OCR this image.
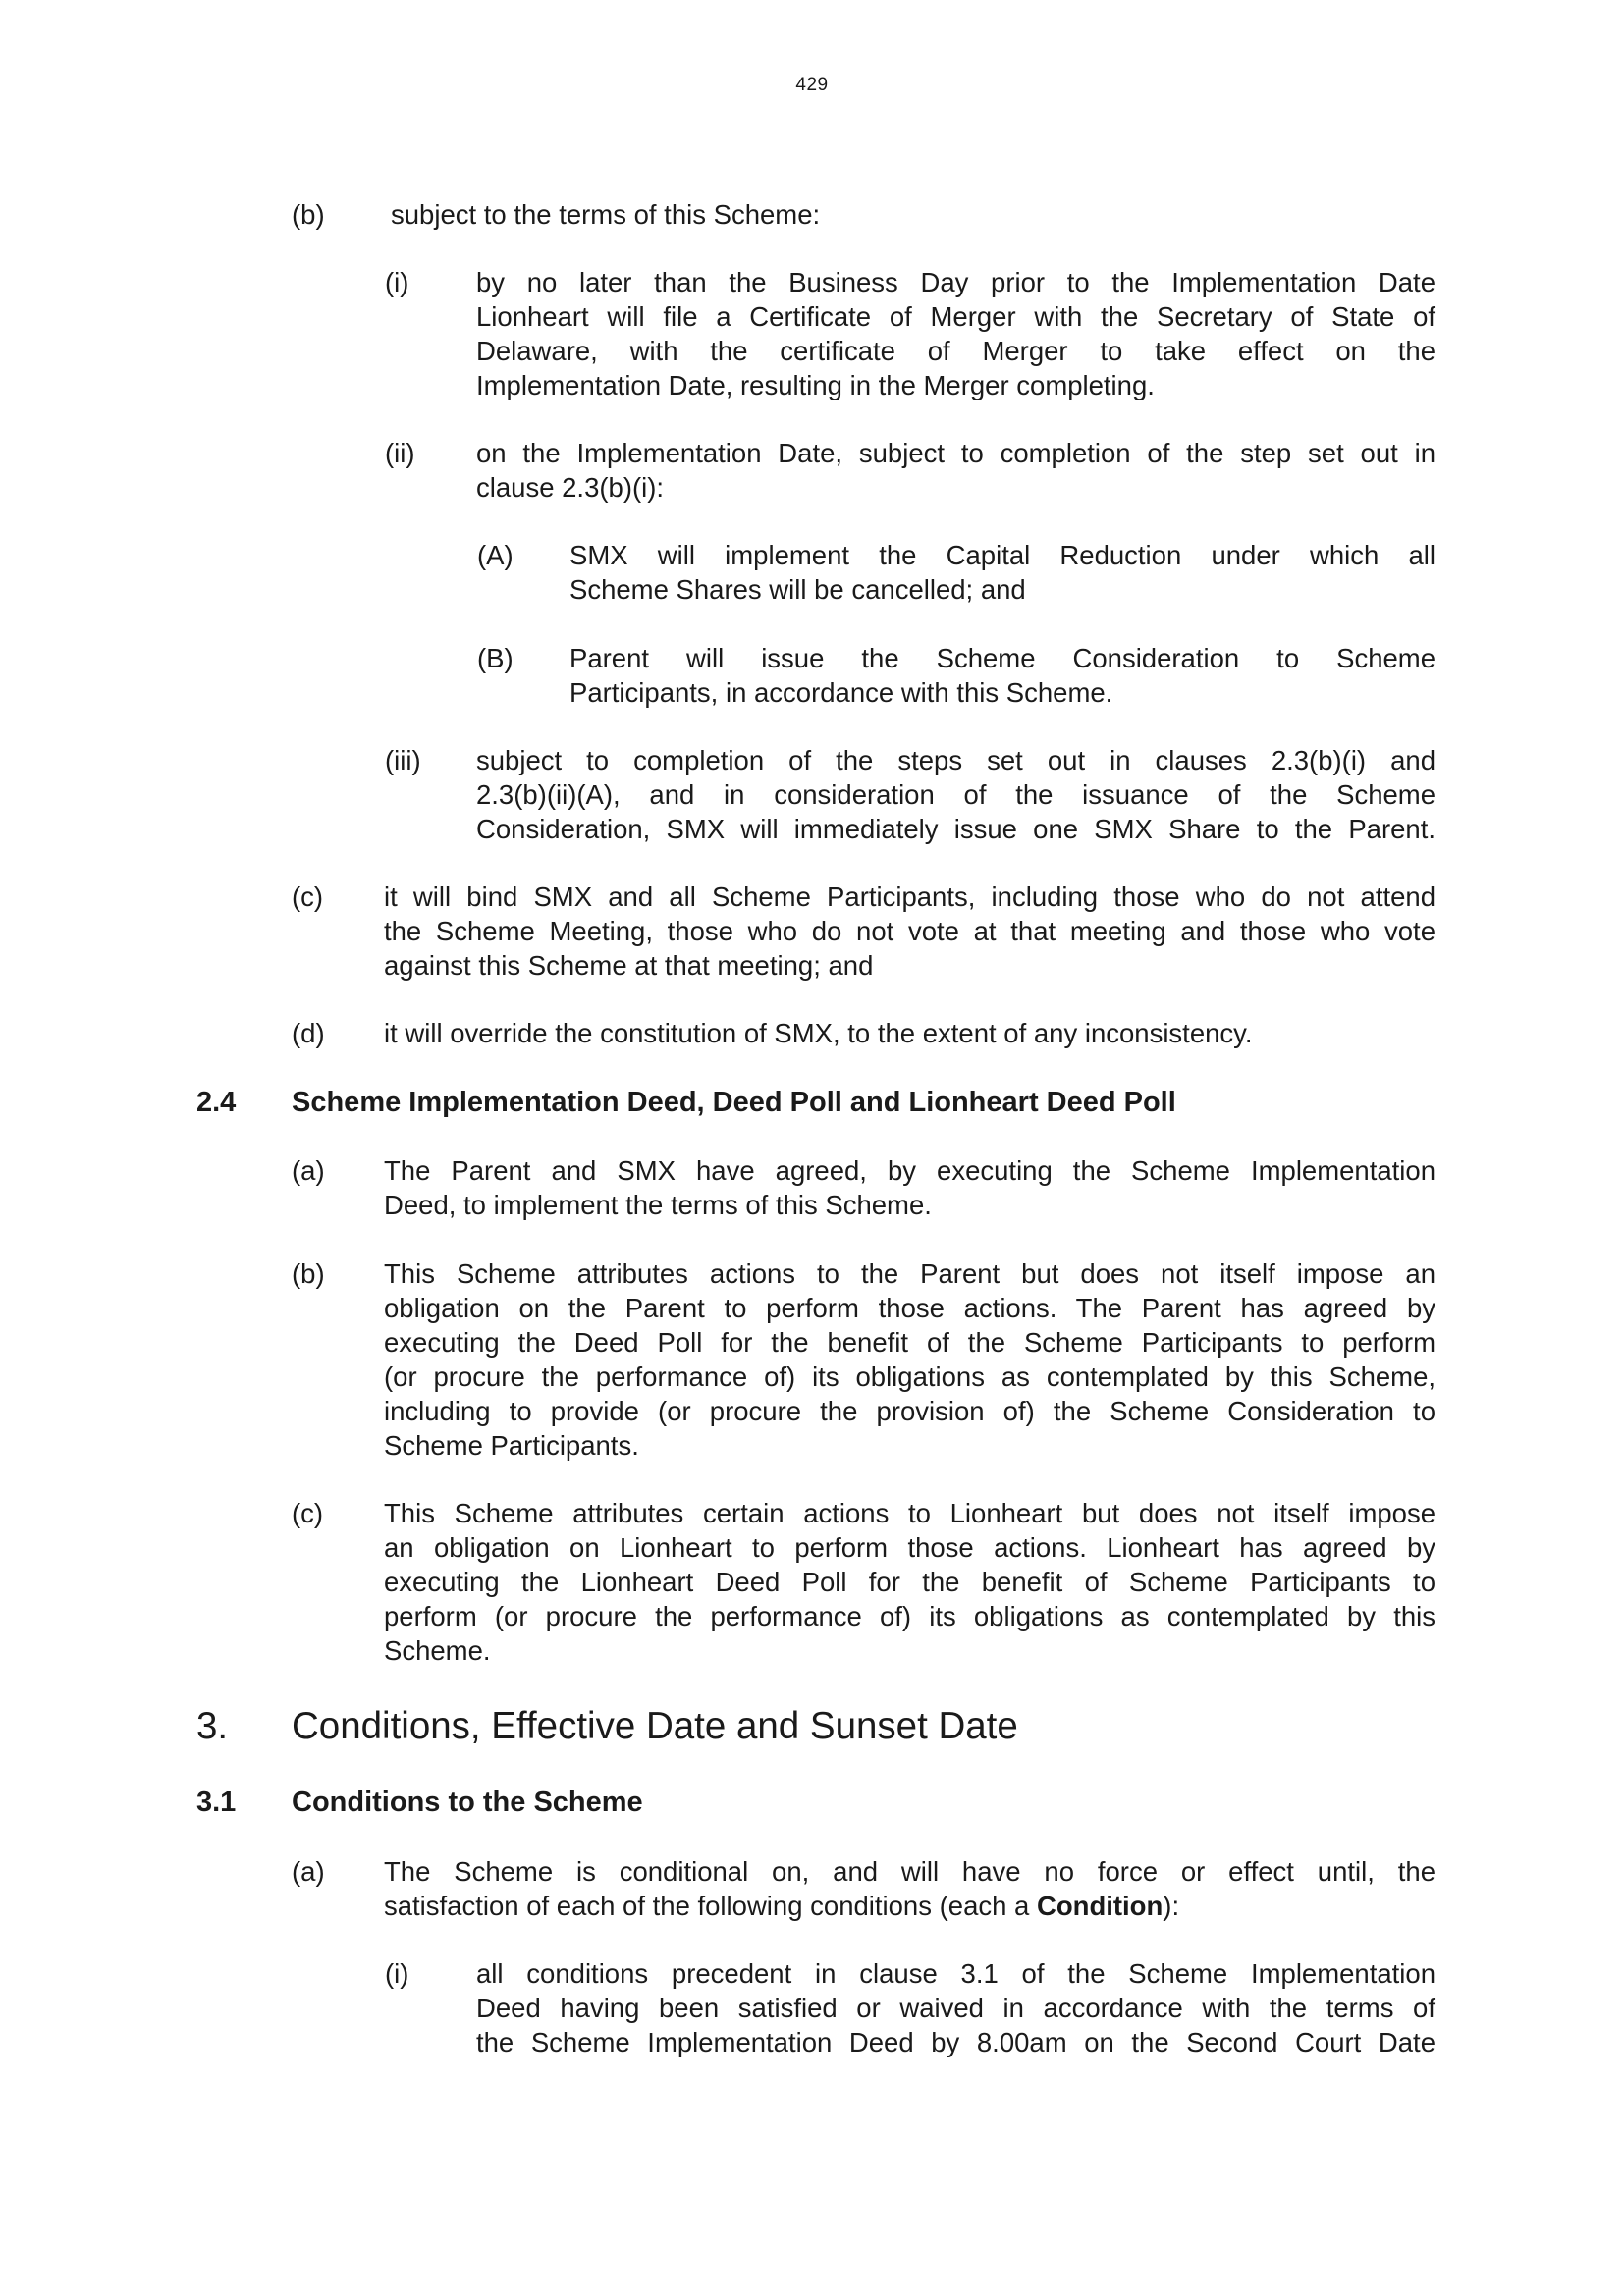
429
(b) subject to the terms of this Scheme:
(i) by no later than the Business Day prior to the Implementation Date
Lionheart will file a Certificate of Merger with the Secretary of State of
Delaware, with the certificate of Merger to take effect on the
Implementation Date, resulting in the Merger completing.
(ii) on the Implementation Date, subject to completion of the step set out in
clause 2.3(b)(i):
(A) SMX will implement the Capital Reduction under which all
Scheme Shares will be cancelled; and
(B) Parent will issue the Scheme Consideration to Scheme
Participants, in accordance with this Scheme.
(iii) subject to completion of the steps set out in clauses 2.3(b)(i) and
2.3(b)(ii)(A), and in consideration of the issuance of the Scheme
Consideration, SMX will immediately issue one SMX Share to the Parent.
(c) it will bind SMX and all Scheme Participants, including those who do not attend
the Scheme Meeting, those who do not vote at that meeting and those who vote
against this Scheme at that meeting; and
(d) it will override the constitution of SMX, to the extent of any inconsistency.
2.4 Scheme Implementation Deed, Deed Poll and Lionheart Deed Poll
(a) The Parent and SMX have agreed, by executing the Scheme Implementation
Deed, to implement the terms of this Scheme.
(b) This Scheme attributes actions to the Parent but does not itself impose an
obligation on the Parent to perform those actions. The Parent has agreed by
executing the Deed Poll for the benefit of the Scheme Participants to perform
(or procure the performance of) its obligations as contemplated by this Scheme,
including to provide (or procure the provision of) the Scheme Consideration to
Scheme Participants.
(c) This Scheme attributes certain actions to Lionheart but does not itself impose
an obligation on Lionheart to perform those actions. Lionheart has agreed by
executing the Lionheart Deed Poll for the benefit of Scheme Participants to
perform (or procure the performance of) its obligations as contemplated by this
Scheme.
3. Conditions, Effective Date and Sunset Date
3.1 Conditions to the Scheme
(a) The Scheme is conditional on, and will have no force or effect until, the
satisfaction of each of the following conditions (each a Condition):
(i) all conditions precedent in clause 3.1 of the Scheme Implementation
Deed having been satisfied or waived in accordance with the terms of
the Scheme Implementation Deed by 8.00am on the Second Court Date
